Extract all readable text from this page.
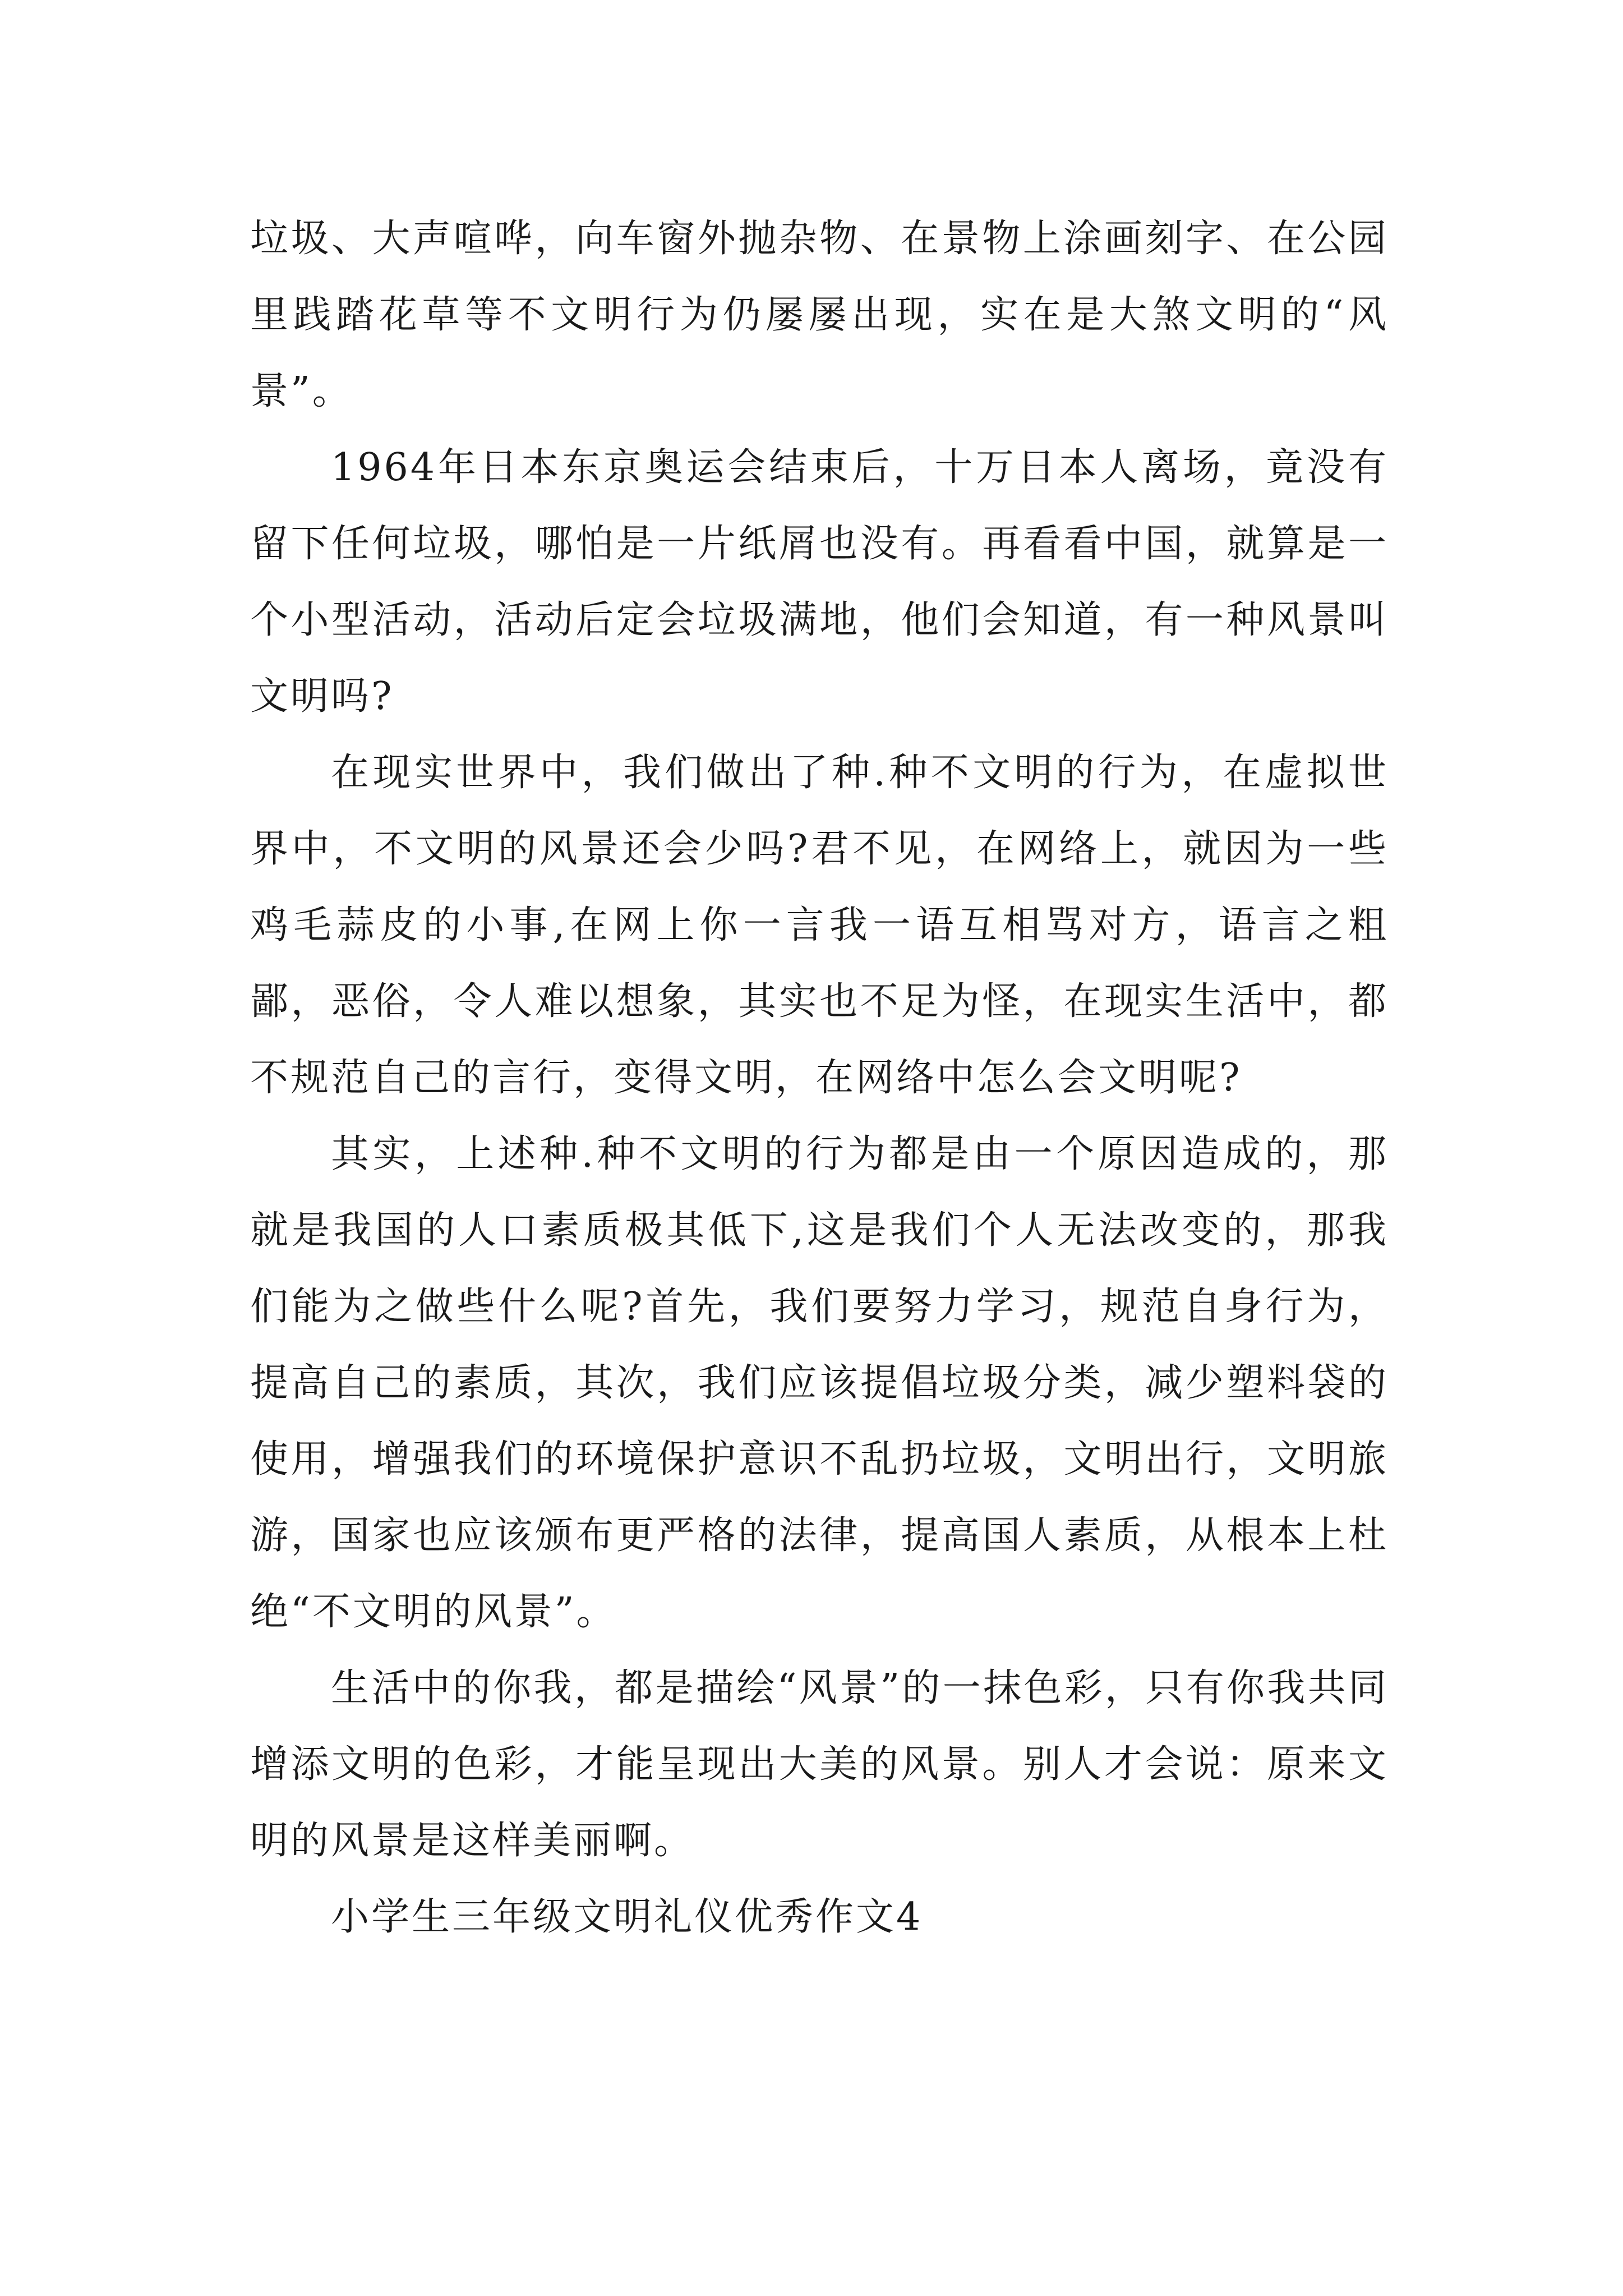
垃圾、大声喧哗，向车窗外抛杂物、在景物上涂画刻字、在公园里践踏花草等不文明行为仍屡屡出现，实在是大煞文明的“风景”。

1964年日本东京奥运会结束后，十万日本人离场，竟没有留下任何垃圾，哪怕是一片纸屑也没有。再看看中国，就算是一个小型活动，活动后定会垃圾满地，他们会知道，有一种风景叫文明吗?

在现实世界中，我们做出了种.种不文明的行为，在虚拟世界中，不文明的风景还会少吗?君不见，在网络上，就因为一些鸡毛蒜皮的小事,在网上你一言我一语互相骂对方，语言之粗鄙，恶俗，令人难以想象，其实也不足为怪，在现实生活中，都不规范自己的言行，变得文明，在网络中怎么会文明呢?

其实，上述种.种不文明的行为都是由一个原因造成的，那就是我国的人口素质极其低下,这是我们个人无法改变的，那我们能为之做些什么呢?首先，我们要努力学习，规范自身行为，提高自己的素质，其次，我们应该提倡垃圾分类，减少塑料袋的使用，增强我们的环境保护意识不乱扔垃圾，文明出行，文明旅游，国家也应该颁布更严格的法律，提高国人素质，从根本上杜绝“不文明的风景”。

生活中的你我，都是描绘“风景”的一抹色彩，只有你我共同增添文明的色彩，才能呈现出大美的风景。别人才会说：原来文明的风景是这样美丽啊。

小学生三年级文明礼仪优秀作文4
